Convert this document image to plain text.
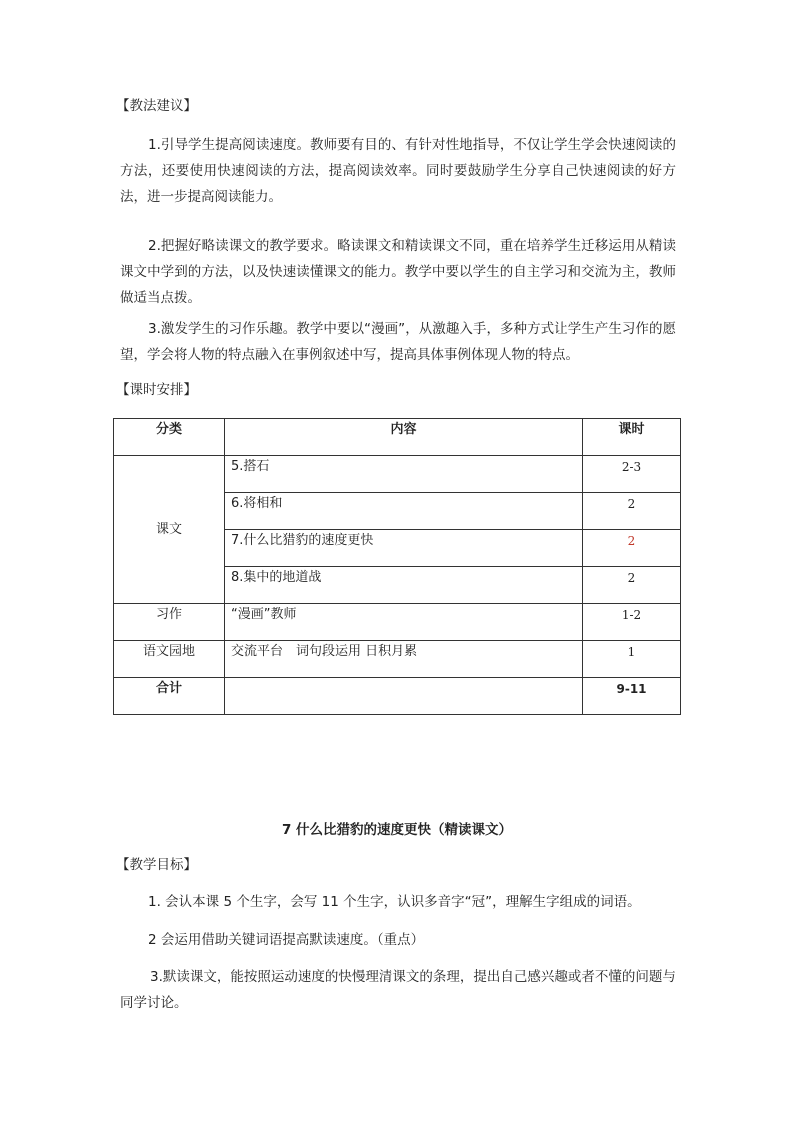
【教法建议】
1.引导学生提高阅读速度。教师要有目的、有针对性地指导，不仅让学生学会快速阅读的方法，还要使用快速阅读的方法，提高阅读效率。同时要鼓励学生分享自己快速阅读的好方法，进一步提高阅读能力。
2.把握好略读课文的教学要求。略读课文和精读课文不同，重在培养学生迁移运用从精读课文中学到的方法，以及快速读懂课文的能力。教学中要以学生的自主学习和交流为主，教师做适当点拨。
3.激发学生的习作乐趣。教学中要以“漫画”，从激趣入手，多种方式让学生产生习作的愿望，学会将人物的特点融入在事例叙述中写，提高具体事例体现人物的特点。
【课时安排】
分类	内容	课时
课文	5.搭石	2-3
	6.将相和	2
	7.什么比猎豹的速度更快	2
	8.集中的地道战	2
习作	“漫画”教师	1-2
语文园地	交流平台　词句段运用 日积月累	1
合计		9-11
7 什么比猎豹的速度更快（精读课文）
【教学目标】
1. 会认本课 5 个生字，会写 11 个生字，认识多音字“冠”，理解生字组成的词语。
2 会运用借助关键词语提高默读速度。（重点）
3.默读课文，能按照运动速度的快慢理清课文的条理，提出自己感兴趣或者不懂的问题与同学讨论。
